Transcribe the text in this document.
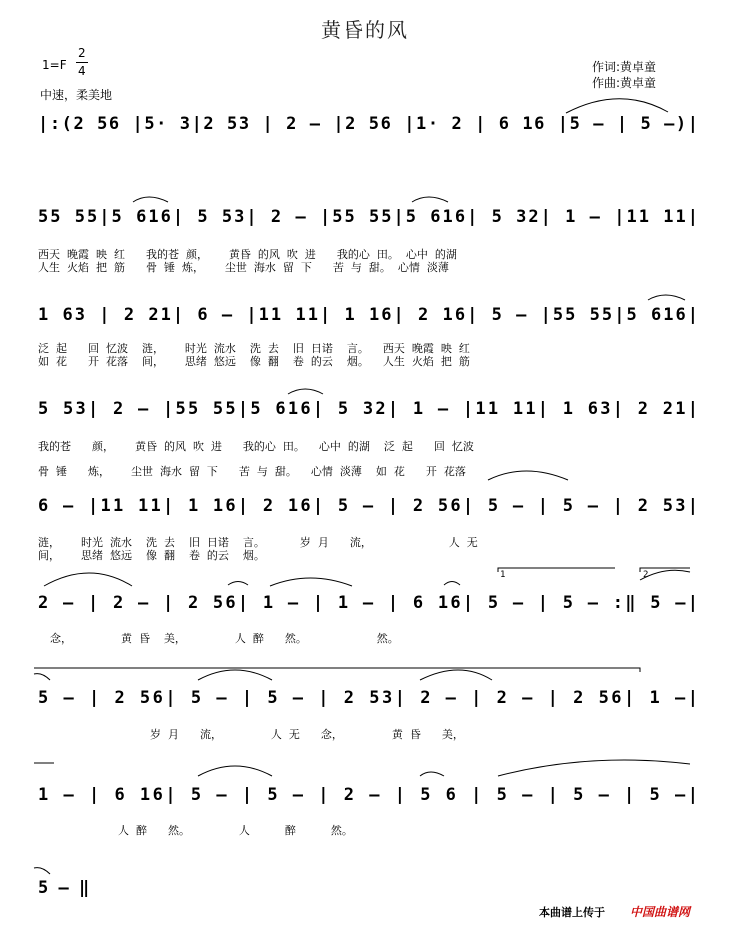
黄昏的风
1=F
2
4
中速，柔美地
作词:黄卓童
作曲:黄卓童
|:(2 56 |5· 3|2 53 | 2 – |2 56 |1· 2 | 6 16 |5 – | 5 –)|
55 55|5 616| 5 53| 2 – |55 55|5 616| 5 32| 1 – |11 11|
1 63 | 2 21| 6 – |11 11| 1 16| 2 16| 5 – |55 55|5 616|
5 53| 2 – |55 55|5 616| 5 32| 1 – |11 11| 1 63| 2 21|
6 – |11 11| 1 16| 2 16| 5 – | 2 56| 5 – | 5 – | 2 53|
2 – | 2 – | 2 56| 1 – | 1 – | 6 16| 5 – | 5 – :‖ 5 –|
5 – | 2 56| 5 – | 5 – | 2 53| 2 – | 2 – | 2 56| 1 –|
1 – | 6 16| 5 – | 5 – | 2 – | 5 6 | 5 – | 5 – | 5 –|
5 – ‖
1	2
西天  晚霞  映  红      我的苍  颜，      黄昏  的风  吹  进      我的心  田。  心中  的湖
人生  火焰  把  筋      骨  锤  炼，      尘世  海水  留  下      苦  与  甜。  心情  淡薄
泛  起      回  忆波    涟，      时光  流水    洗  去    旧  日诺    言。    西天  晚霞  映  红
如  花      开  花落    间，      思绪  悠远    像  翻    卷  的云    烟。    人生  火焰  把  筋
我的苍      颜，      黄昏  的风  吹  进      我的心  田。    心中  的湖    泛  起      回  忆波
骨  锤      炼，      尘世  海水  留  下      苦  与  甜。    心情  淡薄    如  花      开  花落
涟，      时光  流水    洗  去    旧  日诺    言。          岁  月      流，                      人  无
间，      思绪  悠远    像  翻    卷  的云    烟。
念，              黄  昏    美，              人  醉      然。                    然。
岁  月      流，              人  无      念，              黄  昏      美，
人  醉      然。              人          醉          然。
本曲谱上传于 中国曲谱网
